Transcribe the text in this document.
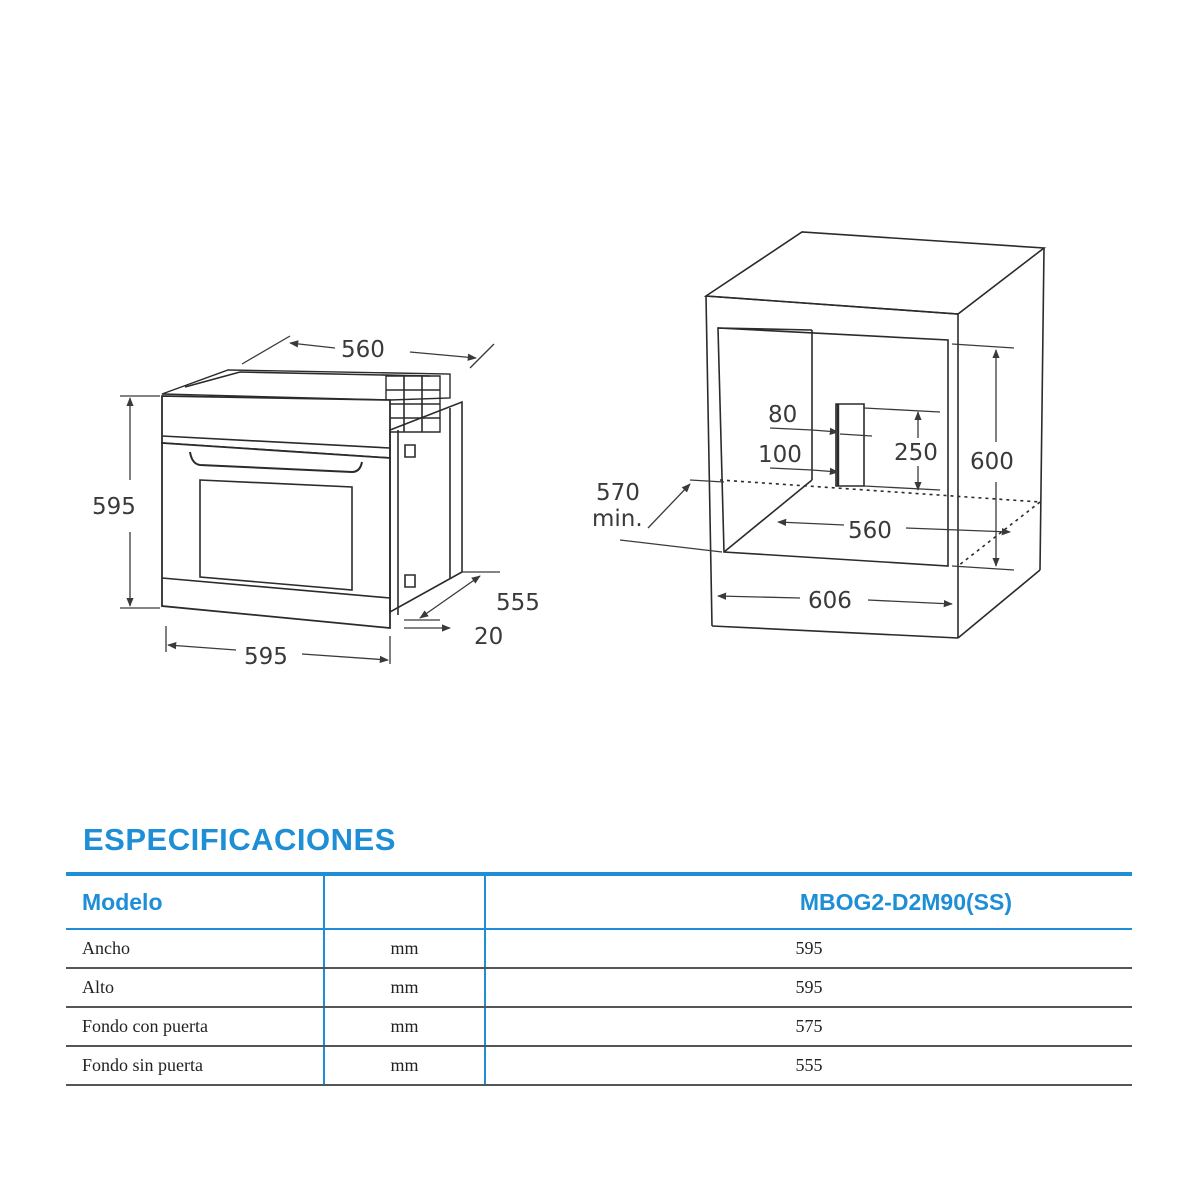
560
595
595
555
20
80
100	250 600
570
min.	560
606
ESPECIFICACIONES
Modelo		MBOG2-D2M90(SS)
Ancho	mm	595
Alto	mm	595
Fondo con puerta	mm	575
Fondo sin puerta	mm	555
